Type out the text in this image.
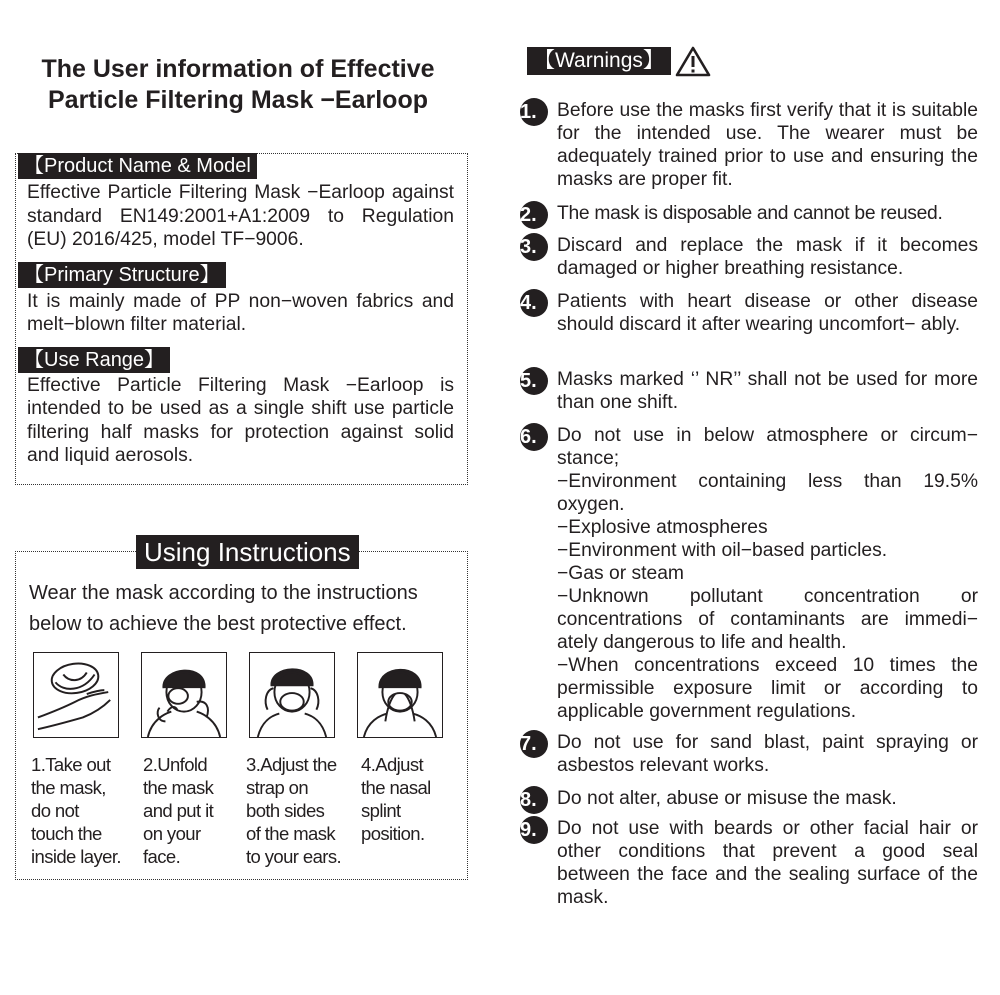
The User information of Effective
Particle Filtering Mask −Earloop
【Product Name & Model

Effective Particle Filtering Mask −Earloop against standard EN149:2001+A1:2009 to Regulation (EU) 2016/425, model TF−9006.

【Primary Structure】

It is mainly made of PP non−woven fabrics and melt−blown filter material.

【Use Range】

Effective Particle Filtering Mask −Earloop is intended to be used as a single shift use particle filtering half masks for protection against solid and liquid aerosols.

Using Instructions
Wear the mask according to the instructions
below to achieve the best protective effect.
1.Take out
the mask,
do not
touch the
inside layer.
2.Unfold
the mask
and put it
on your
face.
3.Adjust the
strap on
both sides
of the mask
to your ears.
4.Adjust
the nasal
splint
position.
【Warnings】
1.	Before use the masks first verify that it is suitable for the intended use. The wearer must be adequately trained prior to use and ensuring the masks are proper fit.
2.	The mask is disposable and cannot be reused.
3.	Discard and replace the mask if it becomes damaged or higher breathing resistance.
4.	Patients with heart disease or other disease should discard it after wearing uncomfort− ably.
5.	Masks marked ‘’ NR’’ shall not be used for more than one shift.
6.	Do not use in below atmosphere or circum− stance;
−Environment containing less than 19.5% oxygen.
−Explosive atmospheres
−Environment with oil−based particles.
−Gas or steam
−Unknown pollutant concentration or concentrations of contaminants are immedi− ately dangerous to life and health.
−When concentrations exceed 10 times the permissible exposure limit or according to applicable government regulations.
7.	Do not use for sand blast, paint spraying or asbestos relevant works.
8.	Do not alter, abuse or misuse the mask.
9.	Do not use with beards or other facial hair or other conditions that prevent a good seal between the face and the sealing surface of the mask.
